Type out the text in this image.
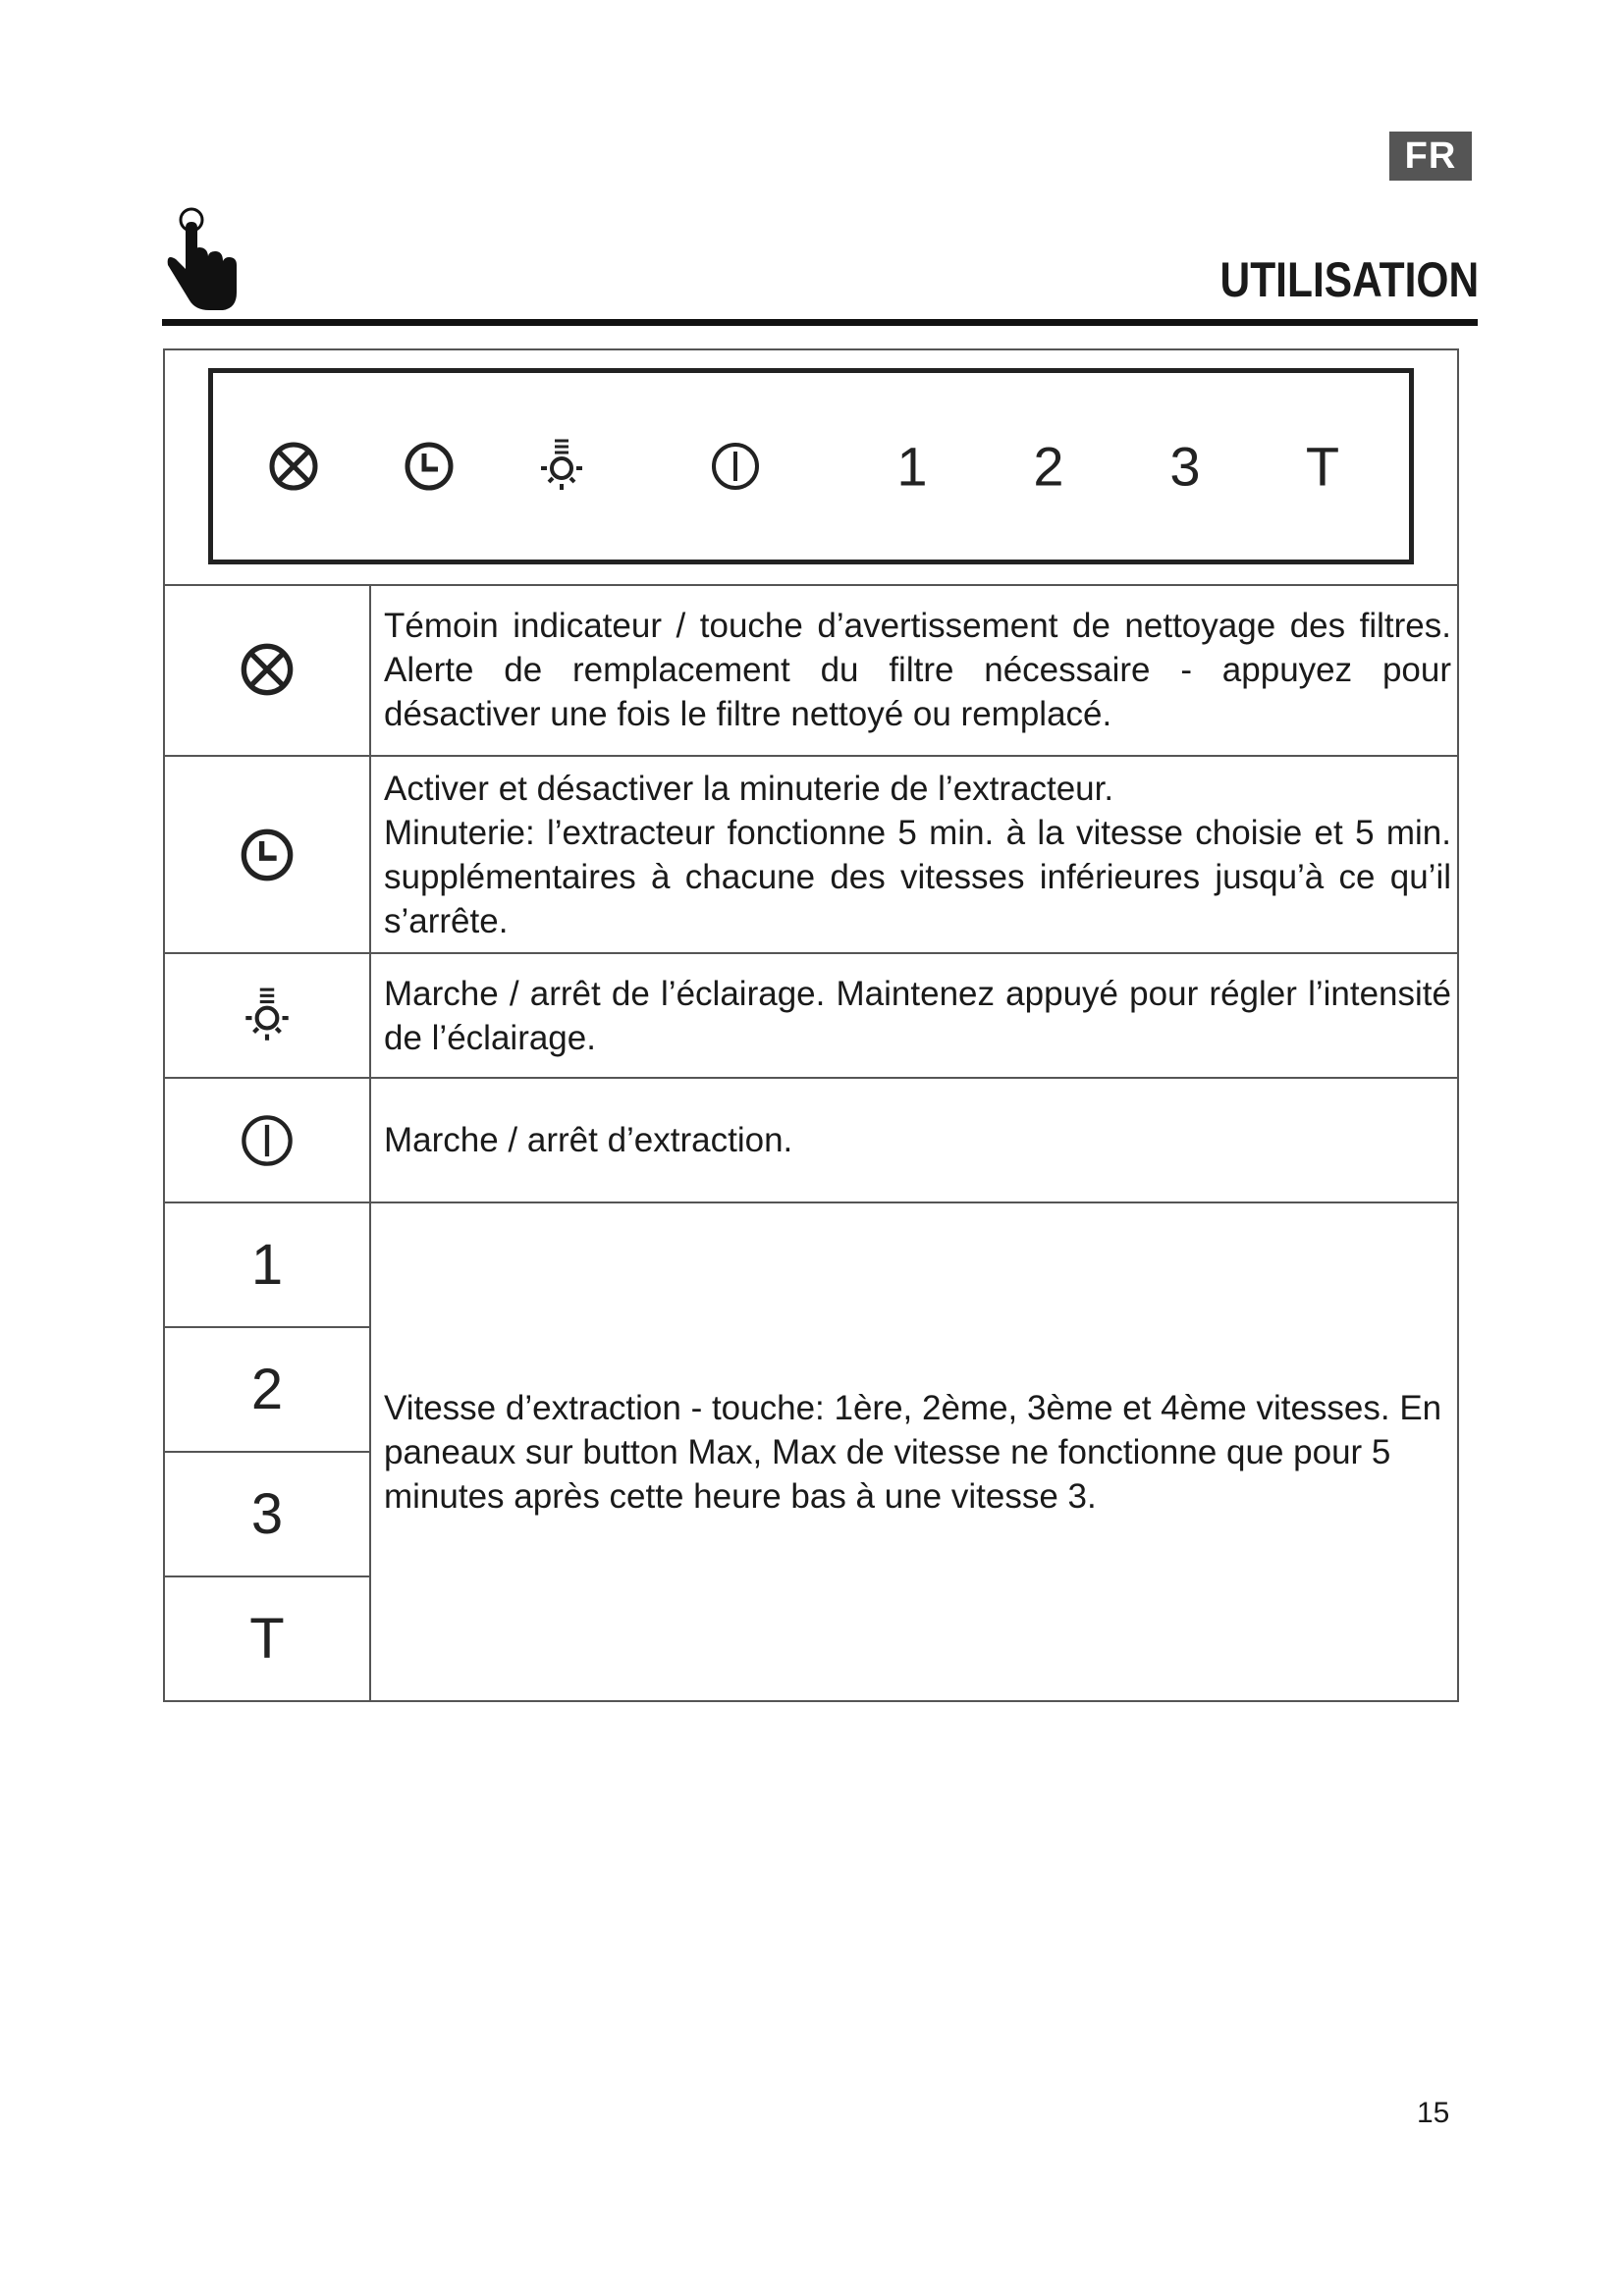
FR
UTILISATION
1 2 3 T

Témoin indicateur / touche d’avertissement de nettoyage des filtres. Alerte de remplacement du filtre nécessaire - appuyez pour désactiver une fois le filtre nettoyé ou remplacé.

Activer et désactiver la minuterie de l’extracteur.
Minuterie: l’extracteur fonctionne 5 min. à la vitesse choisie et 5 min. supplémentaires à chacune des vitesses inférieures jusqu’à ce qu’il s’arrête.

Marche / arrêt de l’éclairage. Maintenez appuyé pour régler l’intensité de l’éclairage.

Marche / arrêt d’extraction.

1
2
3
T

Vitesse d’extraction - touche: 1ère, 2ème, 3ème et 4ème vitesses. En paneaux sur button Max, Max de vitesse ne fonctionne que pour 5 minutes après cette heure bas à une vitesse 3.

15
